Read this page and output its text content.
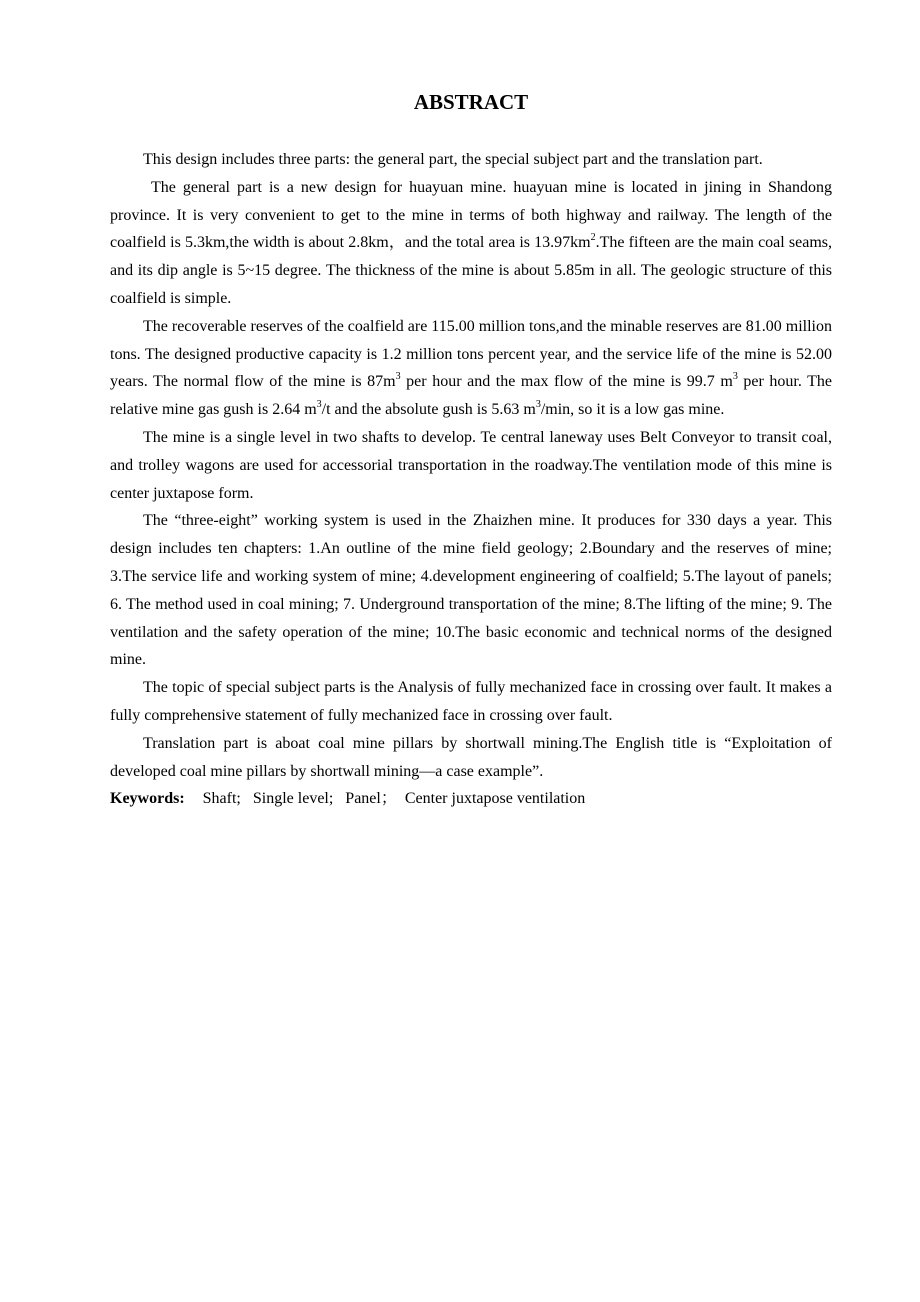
ABSTRACT

This design includes three parts: the general part, the special subject part and the translation part.

The general part is a new design for huayuan mine. huayuan mine is located in jining in Shandong province. It is very convenient to get to the mine in terms of both highway and railway. The length of the coalfield is 5.3km,the width is about 2.8km，and the total area is $13.97km^2.The$ fifteen are the main coal seams, and its dip angle is 5~15 degree. The thickness of the mine is about 5.85m in all. The geologic structure of this coalfield is simple.

The recoverable reserves of the coalfield are 115.00 million tons,and the minable reserves are 81.00 million tons. The designed productive capacity is 1.2 million tons percent year, and the service life of the mine is 52.00 years. The normal flow of the mine is $87m^3$ per hour and the max flow of the mine is 99.7 $m^3$ per hour. The relative mine gas gush is 2.64 $m^3/t$ and the absolute gush is 5.63 $m^3/\min$, so it is a low gas mine.

The mine is a single level in two shafts to develop. Te central laneway uses Belt Conveyor to transit coal, and trolley wagons are used for accessorial transportation in the roadway.The ventilation mode of this mine is center juxtapose form.

The “three-eight” working system is used in the Zhaizhen mine. It produces for 330 days a year. This design includes ten chapters: 1.An outline of the mine field geology; 2.Boundary and the reserves of mine; 3.The service life and working system of mine; 4.development engineering of coalfield; 5.The layout of panels; 6. The method used in coal mining; 7. Underground transportation of the mine; 8.The lifting of the mine; 9. The ventilation and the safety operation of the mine; 10.The basic economic and technical norms of the designed mine.

The topic of special subject parts is the Analysis of fully mechanized face in crossing over fault. It makes a fully comprehensive statement of fully mechanized face in crossing over fault.

Translation part is aboat coal mine pillars by shortwall mining.The English title is “Exploitation of developed coal mine pillars by shortwall mining—a case example”.

Keywords: Shaft;   Single level;   Panel；  Center juxtapose ventilation
